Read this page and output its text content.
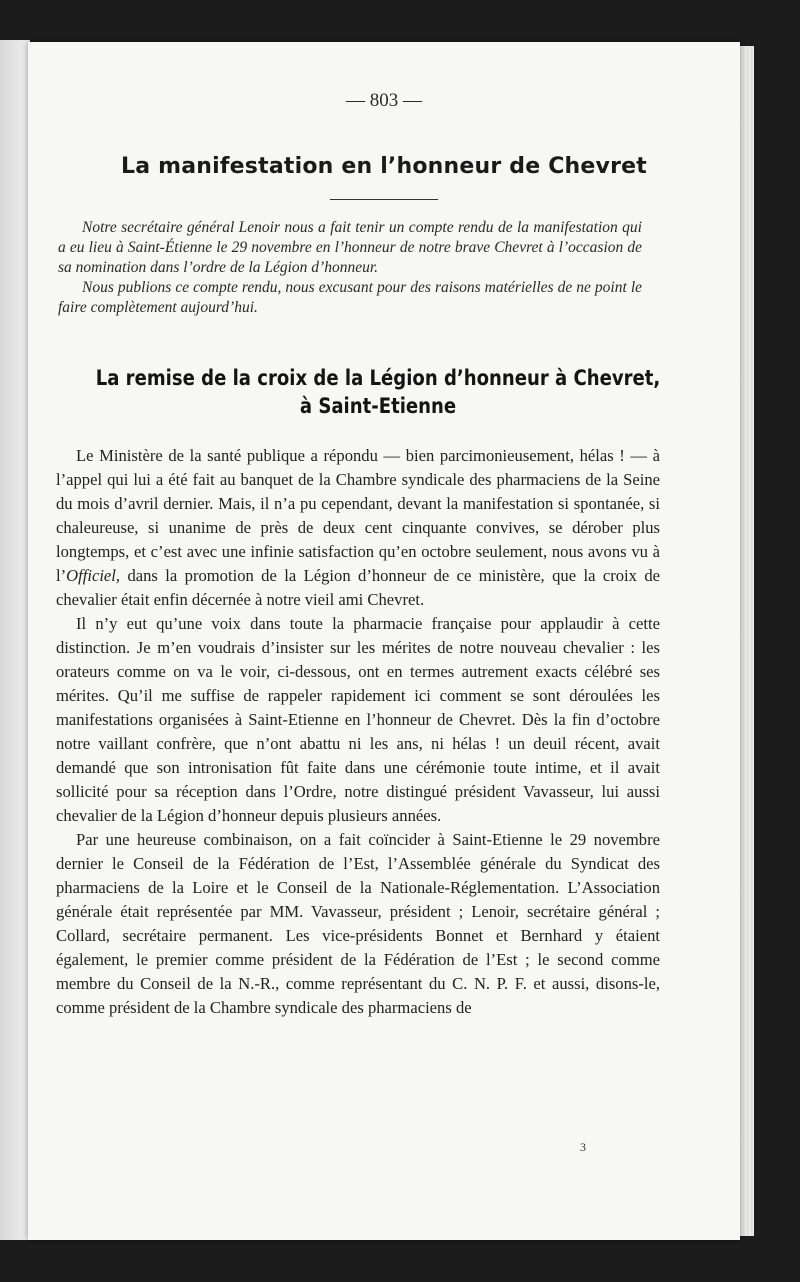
— 803 —
La manifestation en l’honneur de Chevret

Notre secrétaire général Lenoir nous a fait tenir un compte rendu de la manifestation qui a eu lieu à Saint-Étienne le 29 novembre en l’honneur de notre brave Chevret à l’occasion de sa nomination dans l’ordre de la Légion d’honneur.

Nous publions ce compte rendu, nous excusant pour des raisons matérielles de ne point le faire complètement aujourd’hui.

La remise de la croix de la Légion d’honneur à Chevret,
à Saint-Etienne

Le Ministère de la santé publique a répondu — bien parcimonieusement, hélas ! — à l’appel qui lui a été fait au banquet de la Chambre syndicale des pharmaciens de la Seine du mois d’avril dernier. Mais, il n’a pu cependant, devant la manifestation si spontanée, si chaleureuse, si unanime de près de deux cent cinquante convives, se dérober plus longtemps, et c’est avec une infinie satisfaction qu’en octobre seulement, nous avons vu à l’Officiel, dans la promotion de la Légion d’honneur de ce ministère, que la croix de chevalier était enfin décernée à notre vieil ami Chevret.

Il n’y eut qu’une voix dans toute la pharmacie française pour applaudir à cette distinction. Je m’en voudrais d’insister sur les mérites de notre nouveau chevalier : les orateurs comme on va le voir, ci-dessous, ont en termes autrement exacts célébré ses mérites. Qu’il me suffise de rappeler rapidement ici comment se sont déroulées les manifestations organisées à Saint-Etienne en l’honneur de Chevret. Dès la fin d’octobre notre vaillant confrère, que n’ont abattu ni les ans, ni hélas ! un deuil récent, avait demandé que son intronisation fût faite dans une cérémonie toute intime, et il avait sollicité pour sa réception dans l’Ordre, notre distingué président Vavasseur, lui aussi chevalier de la Légion d’honneur depuis plusieurs années.

Par une heureuse combinaison, on a fait coïncider à Saint-Etienne le 29 novembre dernier le Conseil de la Fédération de l’Est, l’Assemblée générale du Syndicat des pharmaciens de la Loire et le Conseil de la Nationale-Réglementation. L’Association générale était représentée par MM. Vavasseur, président ; Lenoir, secrétaire général ; Collard, secrétaire permanent. Les vice-présidents Bonnet et Bernhard y étaient également, le premier comme président de la Fédération de l’Est ; le second comme membre du Conseil de la N.-R., comme représentant du C. N. P. F. et aussi, disons-le, comme président de la Chambre syndicale des pharmaciens de

3
